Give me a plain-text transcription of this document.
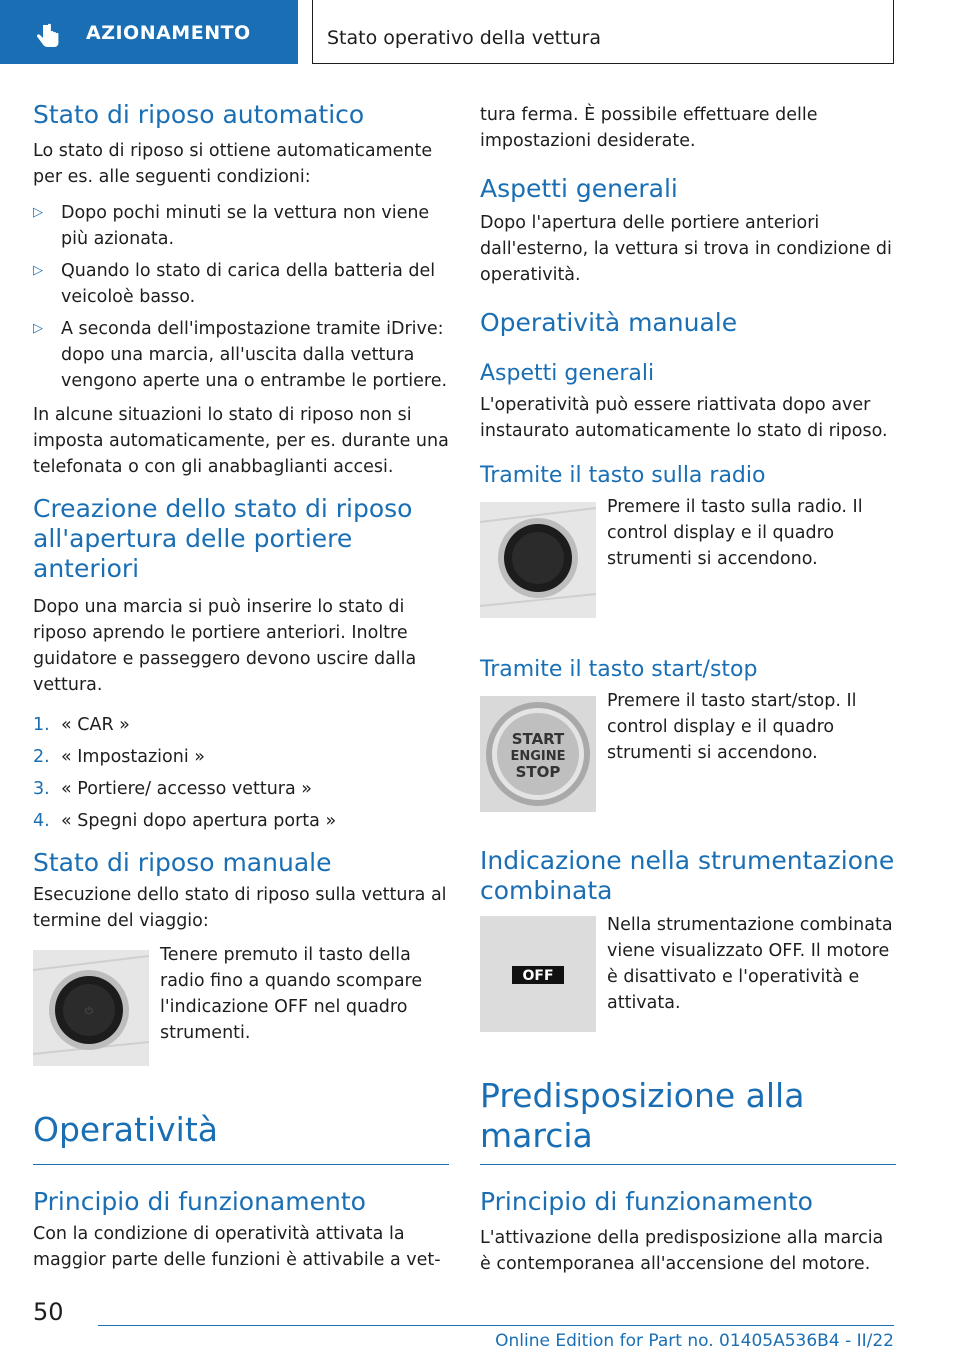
AZIONAMENTO	Stato operativo della vettura
Stato di riposo automatico

Lo stato di riposo si ottiene automaticamente per es. alle seguenti condizioni:

▷ Dopo pochi minuti se la vettura non viene più azionata.
▷ Quando lo stato di carica della batteria del veicoloè basso.
▷ A seconda dell'impostazione tramite iDrive: dopo una marcia, all'uscita dalla vettura vengono aperte una o entrambe le portiere.

In alcune situazioni lo stato di riposo non si imposta automaticamente, per es. durante una telefonata o con gli anabbaglianti accesi.

Creazione dello stato di riposo all'apertura delle portiere anteriori

Dopo una marcia si può inserire lo stato di riposo aprendo le portiere anteriori. Inoltre guidatore e passeggero devono uscire dalla vettura.

1. « CAR »
2. « Impostazioni »
3. « Portiere/ accesso vettura »
4. « Spegni dopo apertura porta »
Stato di riposo manuale

Esecuzione dello stato di riposo sulla vettura al termine del viaggio:

⏻

Tenere premuto il tasto della radio fino a quando scompare l'indicazione OFF nel quadro strumenti.

Operatività
Principio di funzionamento

Con la condizione di operatività attivata la maggior parte delle funzioni è attivabile a vet-

tura ferma. È possibile effettuare delle impostazioni desiderate.

Aspetti generali

Dopo l'apertura delle portiere anteriori dall'esterno, la vettura si trova in condizione di operatività.

Operatività manuale
Aspetti generali

L'operatività può essere riattivata dopo aver instaurato automaticamente lo stato di riposo.

Tramite il tasto sulla radio

Premere il tasto sulla radio. Il control display e il quadro strumenti si accendono.

Tramite il tasto start/stop
START
ENGINE
STOP

Premere il tasto start/stop. Il control display e il quadro strumenti si accendono.

Indicazione nella strumentazione combinata
OFF

Nella strumentazione combinata viene visualizzato OFF. Il motore è disattivato e l'operatività e attivata.

Predisposizione alla marcia
Principio di funzionamento

L'attivazione della predisposizione alla marcia è contemporanea all'accensione del motore.

50
Online Edition for Part no. 01405A536B4 - II/22
